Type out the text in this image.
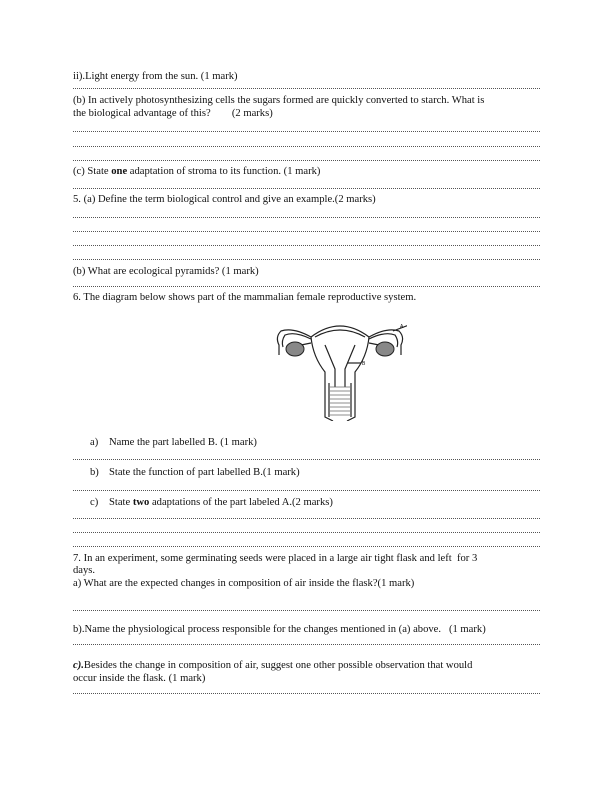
ii).Light energy from the sun. (1 mark)
(b) In actively photosynthesizing cells the sugars formed are quickly converted to starch. What is
the biological advantage of this?        (2 marks)
(c) State one adaptation of stroma to its function. (1 mark)
5. (a) Define the term biological control and give an example.(2 marks)
(b) What are ecological pyramids? (1 mark)
6. The diagram below shows part of the mammalian female reproductive system.
A
B
a) Name the part labelled B. (1 mark)
b) State the function of part labelled B.(1 mark)
c) State two adaptations of the part labeled A.(2 marks)
7. In an experiment, some germinating seeds were placed in a large air tight flask and left  for 3
days.
a) What are the expected changes in composition of air inside the flask?(1 mark)
b).Name the physiological process responsible for the changes mentioned in (a) above.   (1 mark)
c).Besides the change in composition of air, suggest one other possible observation that would
occur inside the flask. (1 mark)
